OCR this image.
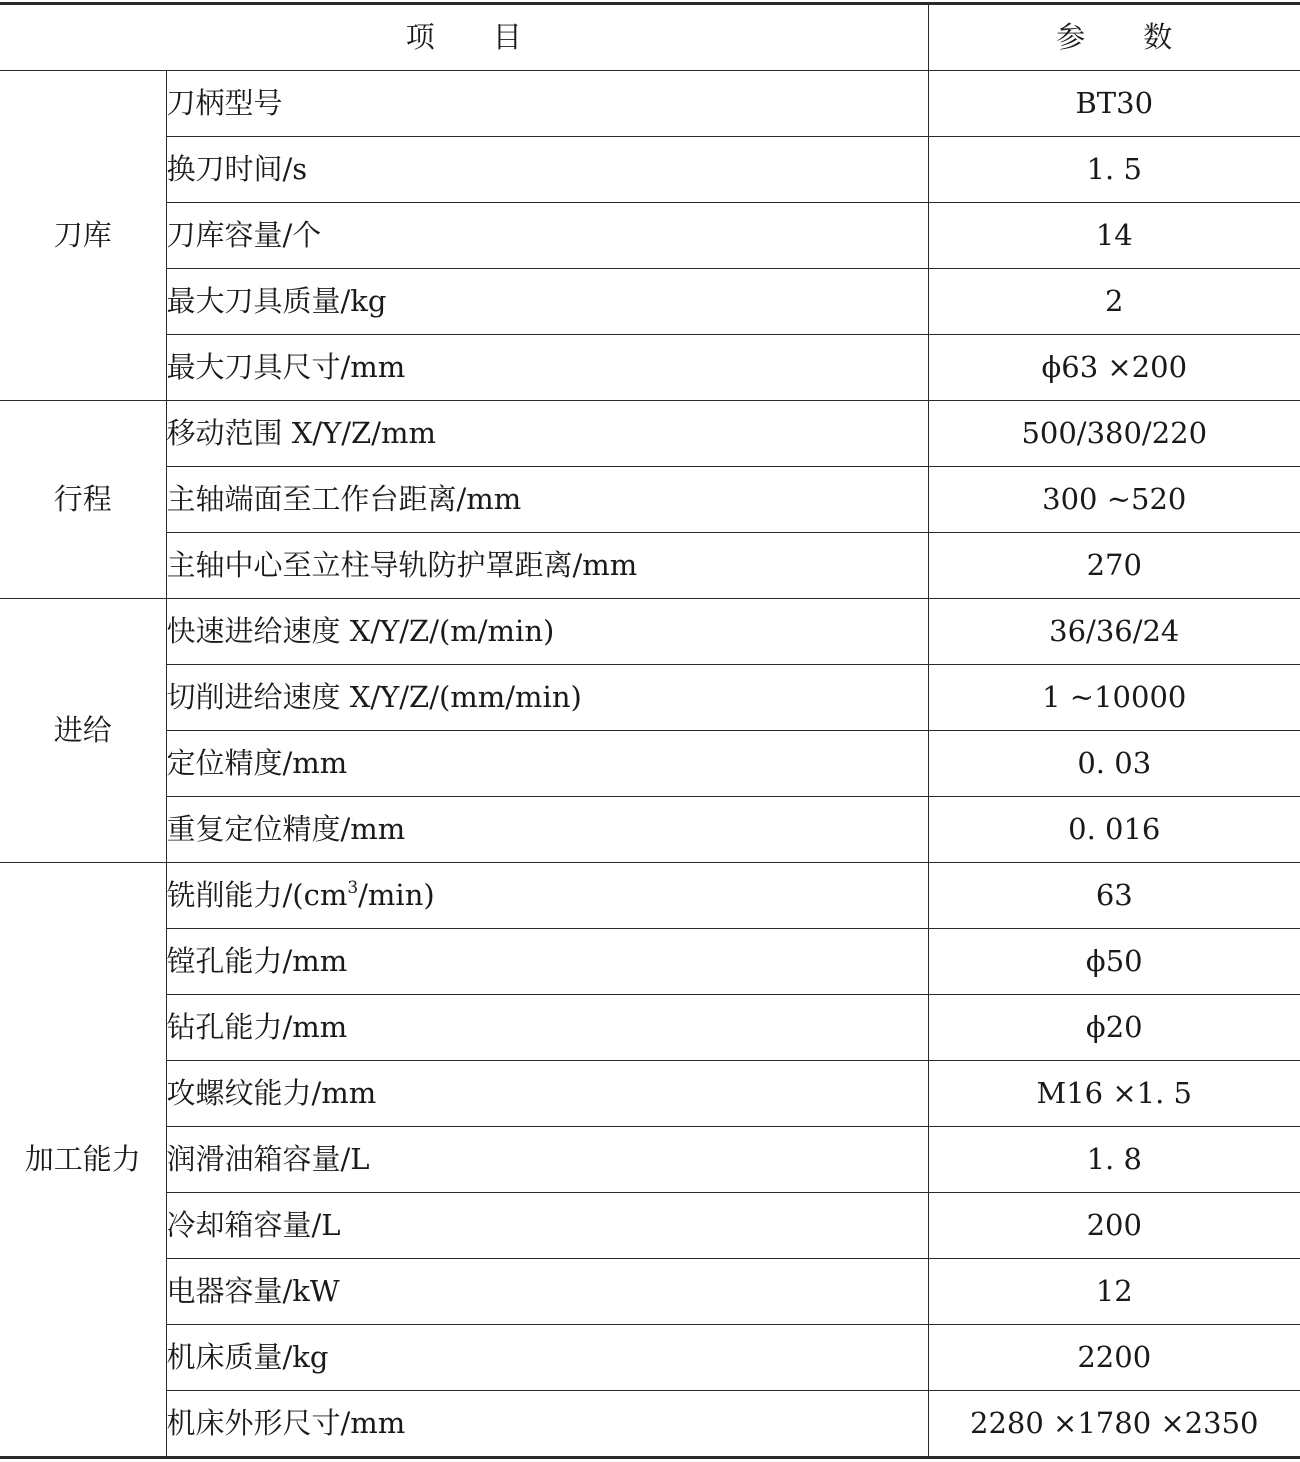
项　　目		参　　数
刀库	刀柄型号	BT30
	换刀时间/s	1. 5
	刀库容量/个	14
	最大刀具质量/kg	2
	最大刀具尺寸/mm	ϕ63 ×200
行程	移动范围 X/Y/Z/mm	500/380/220
	主轴端面至工作台距离/mm	300 ~520
	主轴中心至立柱导轨防护罩距离/mm	270
进给	快速进给速度 X/Y/Z/(m/min)	36/36/24
	切削进给速度 X/Y/Z/(mm/min)	1 ~10000
	定位精度/mm	0. 03
	重复定位精度/mm	0. 016
加工能力	铣削能力$/(cm^3/\min)$	63
	镗孔能力/mm	ϕ50
	钻孔能力/mm	ϕ20
	攻螺纹能力/mm	M16 ×1. 5
	润滑油箱容量/L	1. 8
	冷却箱容量/L	200
	电器容量/kW	12
	机床质量/kg	2200
	机床外形尺寸/mm	2280 ×1780 ×2350
